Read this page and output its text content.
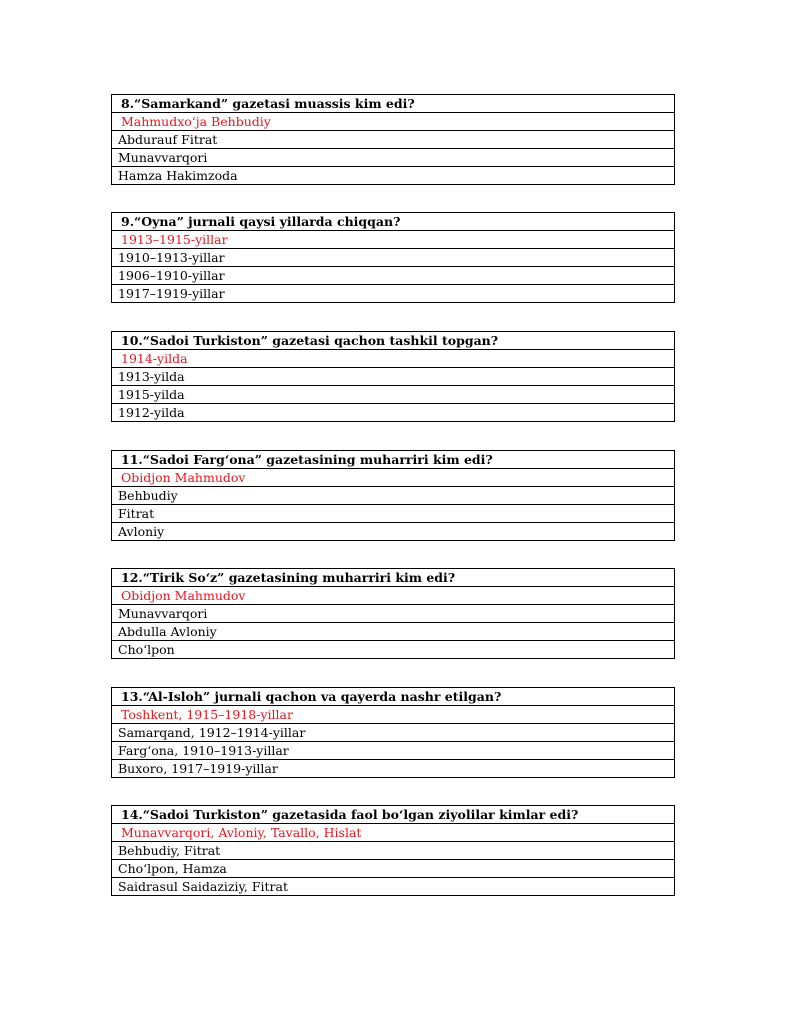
8.“Samarkand” gazetasi muassis kim edi?
Mahmudxo‘ja Behbudiy
Abdurauf Fitrat
Munavvarqori
Hamza Hakimzoda
9.“Oyna” jurnali qaysi yillarda chiqqan?
1913–1915-yillar
1910–1913-yillar
1906–1910-yillar
1917–1919-yillar
10.“Sadoi Turkiston” gazetasi qachon tashkil topgan?
1914-yilda
1913-yilda
1915-yilda
1912-yilda
11.“Sadoi Farg‘ona” gazetasining muharriri kim edi?
Obidjon Mahmudov
Behbudiy
Fitrat
Avloniy
12.“Tirik So‘z” gazetasining muharriri kim edi?
Obidjon Mahmudov
Munavvarqori
Abdulla Avloniy
Cho‘lpon
13.“Al-Isloh” jurnali qachon va qayerda nashr etilgan?
Toshkent, 1915–1918-yillar
Samarqand, 1912–1914-yillar
Farg‘ona, 1910–1913-yillar
Buxoro, 1917–1919-yillar
14.“Sadoi Turkiston” gazetasida faol bo‘lgan ziyolilar kimlar edi?
Munavvarqori, Avloniy, Tavallo, Hislat
Behbudiy, Fitrat
Cho‘lpon, Hamza
Saidrasul Saidaziziy, Fitrat
